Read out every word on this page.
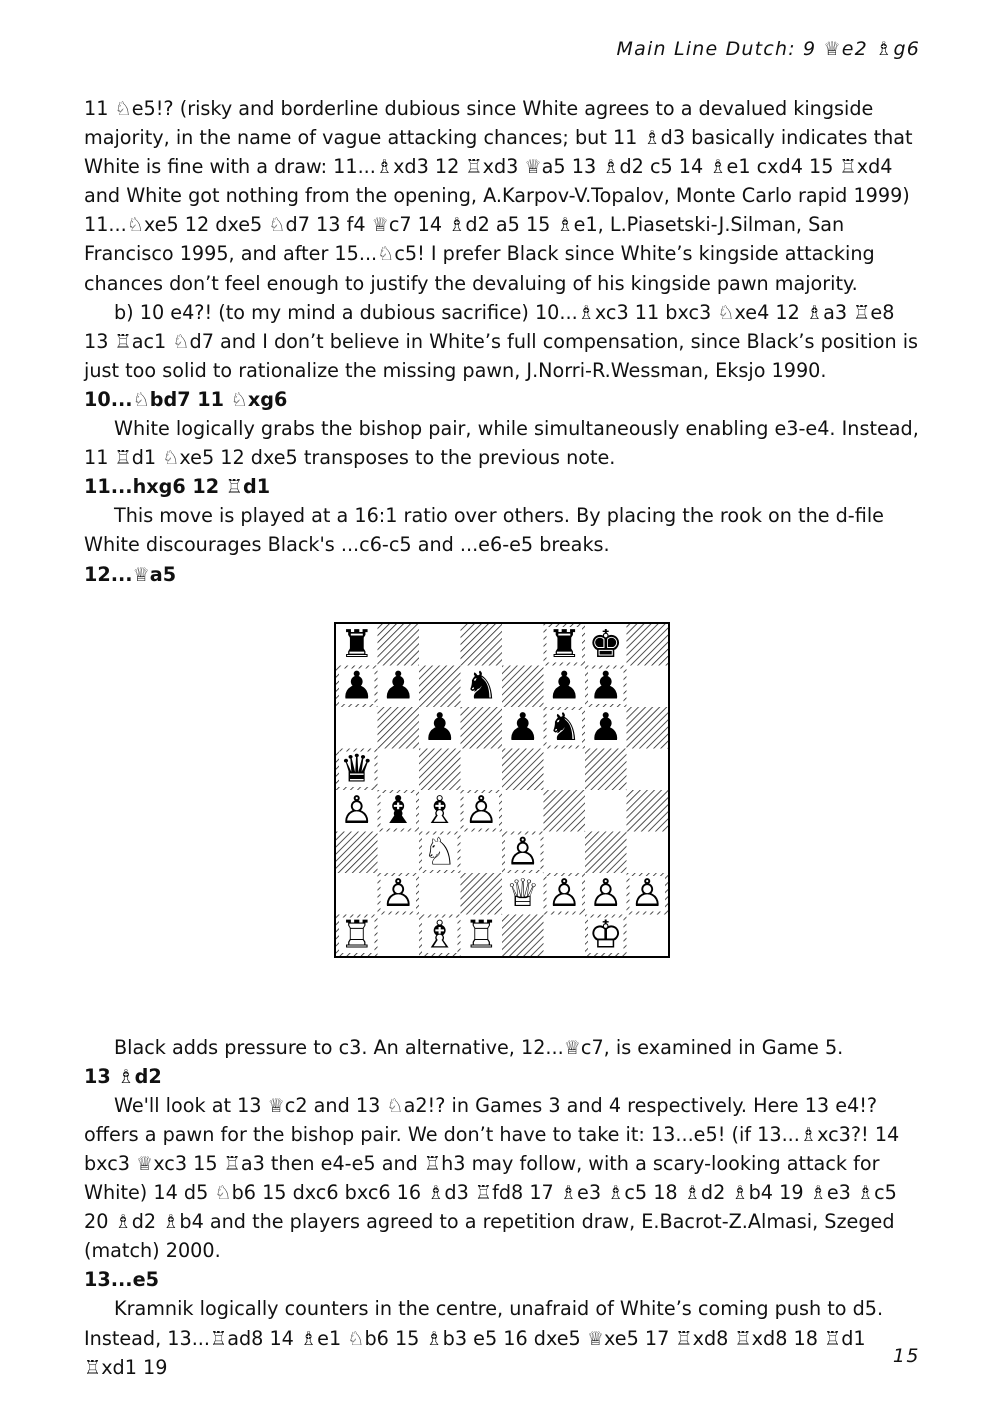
Main Line Dutch: 9 ♕e2 ♗g6
11 ♘e5!? (risky and borderline dubious since White agrees to a devalued kingside majority, in the name of vague attacking chances; but 11 ♗d3 basically indicates that White is fine with a draw: 11...♗xd3 12 ♖xd3 ♕a5 13 ♗d2 c5 14 ♗e1 cxd4 15 ♖xd4 and White got nothing from the opening, A.Karpov-V.Topalov, Monte Carlo rapid 1999) 11...♘xe5 12 dxe5 ♘d7 13 f4 ♕c7 14 ♗d2 a5 15 ♗e1, L.Piasetski-J.Silman, San Francisco 1995, and after 15...♘c5! I prefer Black since White’s kingside attacking chances don’t feel enough to justify the devaluing of his kingside pawn majority.
b) 10 e4?! (to my mind a dubious sacrifice) 10...♗xc3 11 bxc3 ♘xe4 12 ♗a3 ♖e8 13 ♖ac1 ♘d7 and I don’t believe in White’s full compensation, since Black’s position is just too solid to rationalize the missing pawn, J.Norri-R.Wessman, Eksjo 1990.
10...♘bd7 11 ♘xg6
White logically grabs the bishop pair, while simultaneously enabling e3-e4. Instead, 11 ♖d1 ♘xe5 12 dxe5 transposes to the previous note.
11...hxg6 12 ♖d1
This move is played at a 16:1 ratio over others. By placing the rook on the d-file White discourages Black's ...c6-c5 and ...e6-e5 breaks.
12...♕a5
♜	♜ ♚
♟ ♟ ♞ ♟ ♟
♟ ♟ ♞ ♟
♛
♙ ♝ ♗ ♙
♘ ♙
♙ ♕ ♙ ♙ ♙
♖ ♗ ♖ ♔
Black adds pressure to c3. An alternative, 12...♕c7, is examined in Game 5.
13 ♗d2
We'll look at 13 ♕c2 and 13 ♘a2!? in Games 3 and 4 respectively. Here 13 e4!? offers a pawn for the bishop pair. We don’t have to take it: 13...e5! (if 13...♗xc3?! 14 bxc3 ♕xc3 15 ♖a3 then e4-e5 and ♖h3 may follow, with a scary-looking attack for White) 14 d5 ♘b6 15 dxc6 bxc6 16 ♗d3 ♖fd8 17 ♗e3 ♗c5 18 ♗d2 ♗b4 19 ♗e3 ♗c5 20 ♗d2 ♗b4 and the players agreed to a repetition draw, E.Bacrot-Z.Almasi, Szeged (match) 2000.
13...e5
Kramnik logically counters in the centre, unafraid of White’s coming push to d5. Instead, 13...♖ad8 14 ♗e1 ♘b6 15 ♗b3 e5 16 dxe5 ♕xe5 17 ♖xd8 ♖xd8 18 ♖d1 ♖xd1 19	15
